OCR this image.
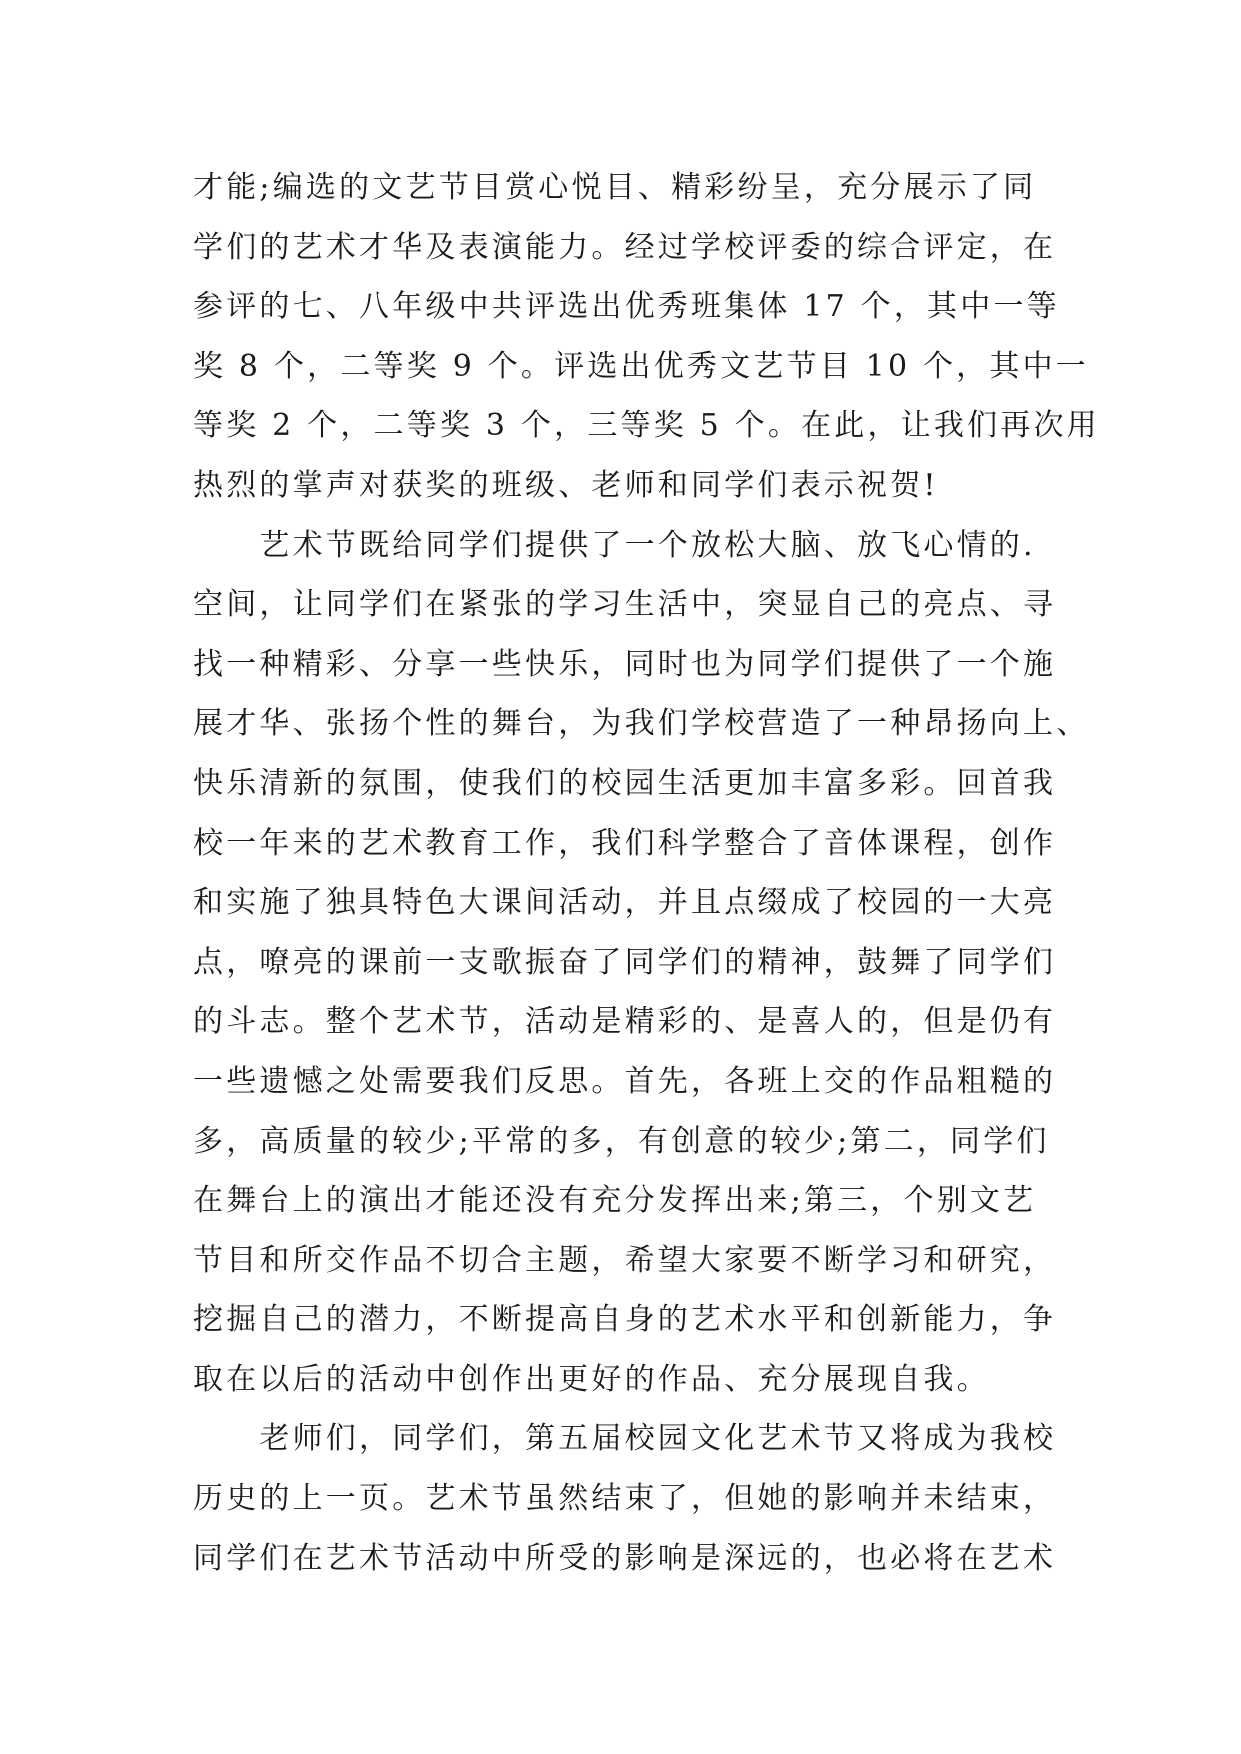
才能;编选的文艺节目赏心悦目、精彩纷呈，充分展示了同
学们的艺术才华及表演能力。经过学校评委的综合评定，在
参评的七、八年级中共评选出优秀班集体 17 个，其中一等
奖 8 个，二等奖 9 个。评选出优秀文艺节目 10 个，其中一
等奖 2 个，二等奖 3 个，三等奖 5 个。在此，让我们再次用
热烈的掌声对获奖的班级、老师和同学们表示祝贺!
　　艺术节既给同学们提供了一个放松大脑、放飞心情的.
空间，让同学们在紧张的学习生活中，突显自己的亮点、寻
找一种精彩、分享一些快乐，同时也为同学们提供了一个施
展才华、张扬个性的舞台，为我们学校营造了一种昂扬向上、
快乐清新的氛围，使我们的校园生活更加丰富多彩。回首我
校一年来的艺术教育工作，我们科学整合了音体课程，创作
和实施了独具特色大课间活动，并且点缀成了校园的一大亮
点，嘹亮的课前一支歌振奋了同学们的精神，鼓舞了同学们
的斗志。整个艺术节，活动是精彩的、是喜人的，但是仍有
一些遗憾之处需要我们反思。首先，各班上交的作品粗糙的
多，高质量的较少;平常的多，有创意的较少;第二，同学们
在舞台上的演出才能还没有充分发挥出来;第三，个别文艺
节目和所交作品不切合主题，希望大家要不断学习和研究，
挖掘自己的潜力，不断提高自身的艺术水平和创新能力，争
取在以后的活动中创作出更好的作品、充分展现自我。
　　老师们，同学们，第五届校园文化艺术节又将成为我校
历史的上一页。艺术节虽然结束了，但她的影响并未结束，
同学们在艺术节活动中所受的影响是深远的，也必将在艺术
